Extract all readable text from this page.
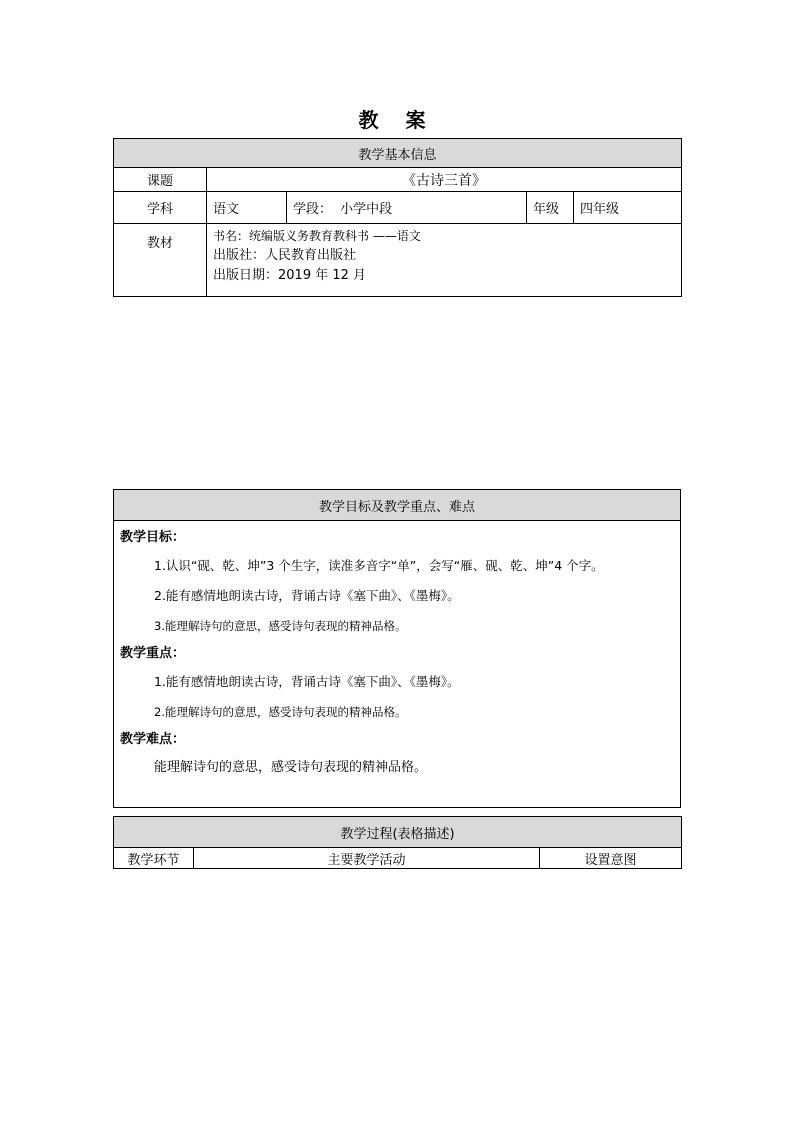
教 案
教学基本信息				
课题	《古诗三首》			
学科	语文	学段： 小学中段	年级	四年级
教材	书名：统编版义务教育教科书 ——语文
出版社：人民教育出版社
出版日期：2019 年 12 月			
教学目标及教学重点、难点

教学目标：
1.认识“砚、乾、坤”3 个生字，读准多音字“单”，会写“雁、砚、乾、坤”4 个字。
2.能有感情地朗读古诗，背诵古诗《塞下曲》、《墨梅》。
3.能理解诗句的意思，感受诗句表现的精神品格。
教学重点：
1.能有感情地朗读古诗，背诵古诗《塞下曲》、《墨梅》。
2.能理解诗句的意思，感受诗句表现的精神品格。
教学难点：
能理解诗句的意思，感受诗句表现的精神品格。
教学过程(表格描述)
教学环节	主要教学活动	设置意图
